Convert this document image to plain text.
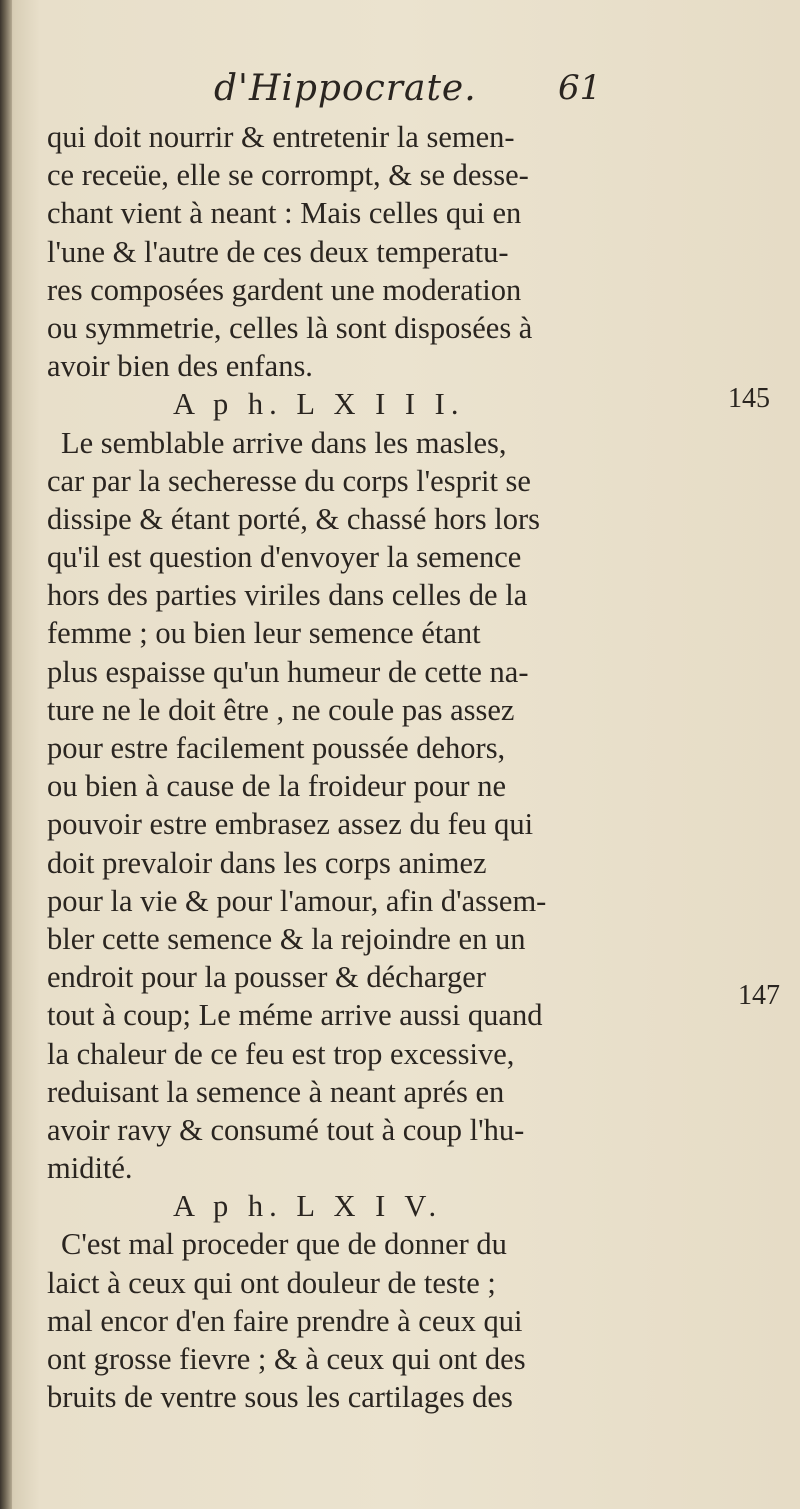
d'Hippocrate. 61
qui doit nourrir & entretenir la semen-
ce receüe, elle se corrompt, & se desse-
chant vient à neant : Mais celles qui en
l'une & l'autre de ces deux temperatu-
res composées gardent une moderation
ou symmetrie, celles là sont disposées à
avoir bien des enfans.
A p h. L X I I I.
Le semblable arrive dans les masles,
car par la secheresse du corps l'esprit se
dissipe & étant porté, & chassé hors lors
qu'il est question d'envoyer la semence
hors des parties viriles dans celles de la
femme ; ou bien leur semence étant
plus espaisse qu'un humeur de cette na-
ture ne le doit être , ne coule pas assez
pour estre facilement poussée dehors,
ou bien à cause de la froideur pour ne
pouvoir estre embrasez assez du feu qui
doit prevaloir dans les corps animez
pour la vie & pour l'amour, afin d'assem-
bler cette semence & la rejoindre en un
endroit pour la pousser & décharger
tout à coup; Le méme arrive aussi quand
la chaleur de ce feu est trop excessive,
reduisant la semence à neant aprés en
avoir ravy & consumé tout à coup l'hu-
midité.
A p h. L X I V.
C'est mal proceder que de donner du
laict à ceux qui ont douleur de teste ;
mal encor d'en faire prendre à ceux qui
ont grosse fievre ; & à ceux qui ont des
bruits de ventre sous les cartilages des
145
147
